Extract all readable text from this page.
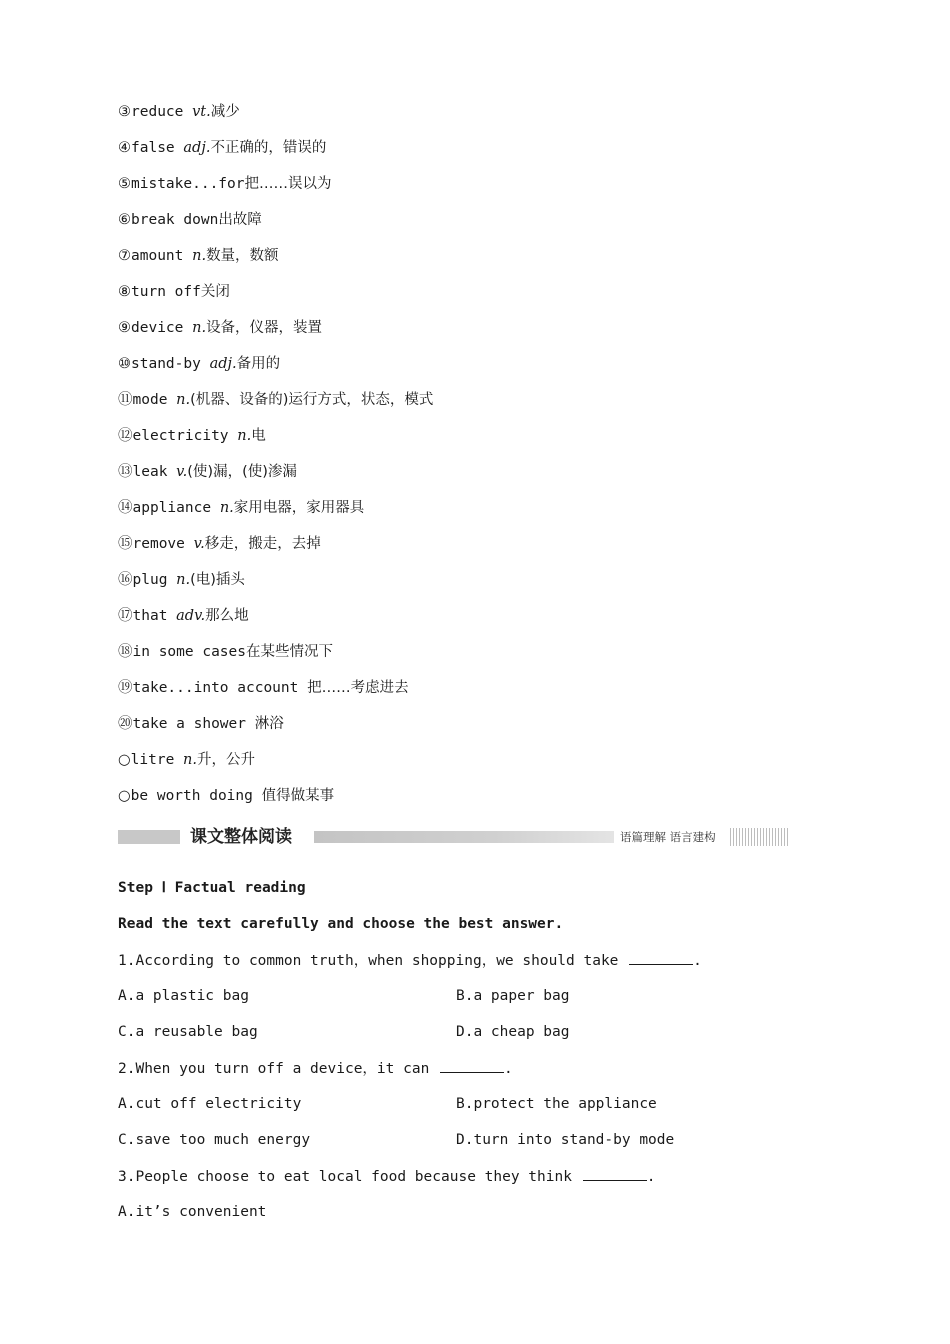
③reduce vt.减少
④false adj.不正确的，错误的
⑤mistake...for把……误以为
⑥break down出故障
⑦amount n.数量，数额
⑧turn off关闭
⑨device n.设备，仪器，装置
⑩stand-by adj.备用的
⑪mode n.(机器、设备的)运行方式，状态，模式
⑫electricity n.电
⑬leak v.(使)漏，(使)渗漏
⑭appliance n.家用电器，家用器具
⑮remove v.移走，搬走，去掉
⑯plug n.(电)插头
⑰that adv.那么地
⑱in some cases在某些情况下
⑲take...into account 把……考虑进去
⑳take a shower 淋浴
○litre n.升，公升
○be worth doing 值得做某事
课文整体阅读	语篇理解 语言建构
Step Ⅰ Factual reading
Read the text carefully and choose the best answer.
1.According to common truth，when shopping，we should take	.
A.a plastic bag	B.a paper bag
C.a reusable bag	D.a cheap bag
2.When you turn off a device，it can	.
A.cut off electricity	B.protect the appliance
C.save too much energy	D.turn into stand-by mode
3.People choose to eat local food because they think	.
A.it’s convenient
